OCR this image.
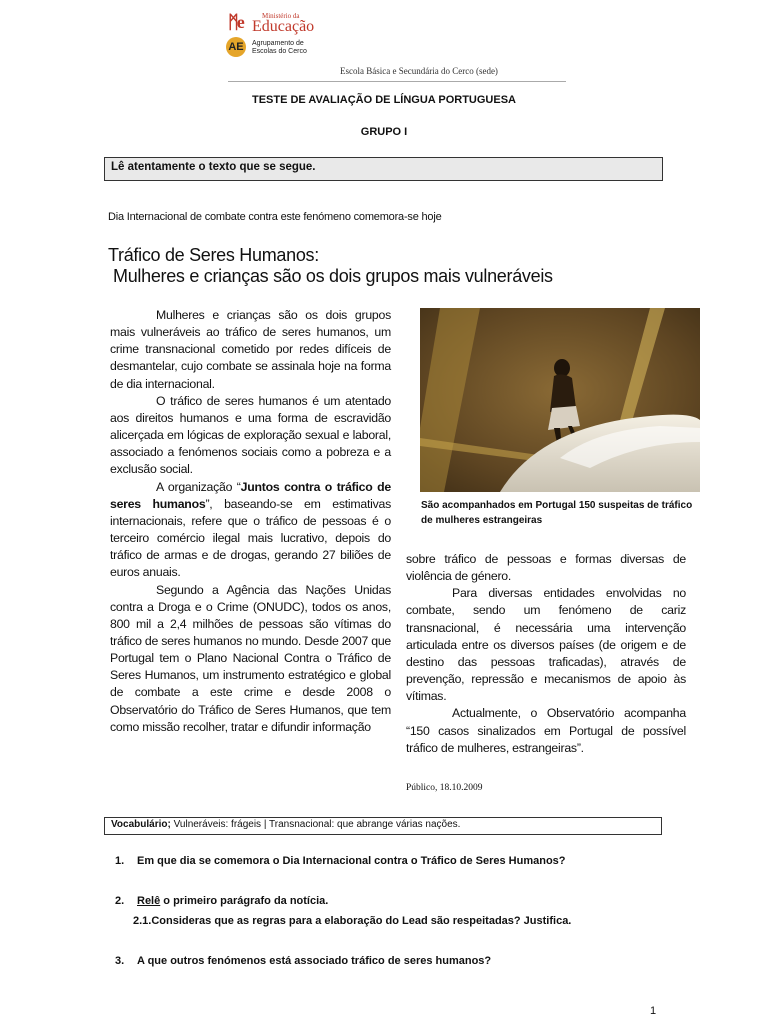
ᛗe	Ministério da
Educação
AE	Agrupamento de
Escolas do Cerco
Escola Básica e Secundária do Cerco (sede)
TESTE DE AVALIAÇÃO DE LÍNGUA PORTUGUESA
GRUPO I
Lê atentamente o texto que se segue.
Dia Internacional de combate contra este fenómeno comemora-se hoje
Tráfico de Seres Humanos:
Mulheres e crianças são os dois grupos mais vulneráveis

Mulheres e crianças são os dois grupos mais vulneráveis ao tráfico de seres humanos, um crime transnacional cometido por redes difíceis de desmantelar, cujo combate se assinala hoje na forma de dia internacional.

O tráfico de seres humanos é um atentado aos direitos humanos e uma forma de escravidão alicerçada em lógicas de exploração sexual e laboral, associado a fenómenos sociais como a pobreza e a exclusão social.

A organização “Juntos contra o tráfico de seres humanos”, baseando-se em estimativas internacionais, refere que o tráfico de pessoas é o terceiro comércio ilegal mais lucrativo, depois do tráfico de armas e de drogas, gerando 27 biliões de euros anuais.

Segundo a Agência das Nações Unidas contra a Droga e o Crime (ONUDC), todos os anos, 800 mil a 2,4 milhões de pessoas são vítimas do tráfico de seres humanos no mundo. Desde 2007 que Portugal tem o Plano Nacional Contra o Tráfico de Seres Humanos, um instrumento estratégico e global de combate a este crime e desde 2008 o Observatório do Tráfico de Seres Humanos, que tem como missão recolher, tratar e difundir informação

São acompanhados em Portugal 150 suspeitas de tráfico de mulheres estrangeiras

sobre tráfico de pessoas e formas diversas de violência de género.

Para diversas entidades envolvidas no combate, sendo um fenómeno de cariz transnacional, é necessária uma intervenção articulada entre os diversos países (de origem e de destino das pessoas traficadas), através de prevenção, repressão e mecanismos de apoio às vítimas.

Actualmente, o Observatório acompanha “150 casos sinalizados em Portugal de possível tráfico de mulheres, estrangeiras”.

Público, 18.10.2009
Vocabulário; Vulneráveis: frágeis | Transnacional: que abrange várias nações.
1. Em que dia se comemora o Dia Internacional contra o Tráfico de Seres Humanos?
2. Relê o primeiro parágrafo da notícia.
2.1.Consideras que as regras para a elaboração do Lead são respeitadas? Justifica.
3. A que outros fenómenos está associado tráfico de seres humanos?
1
